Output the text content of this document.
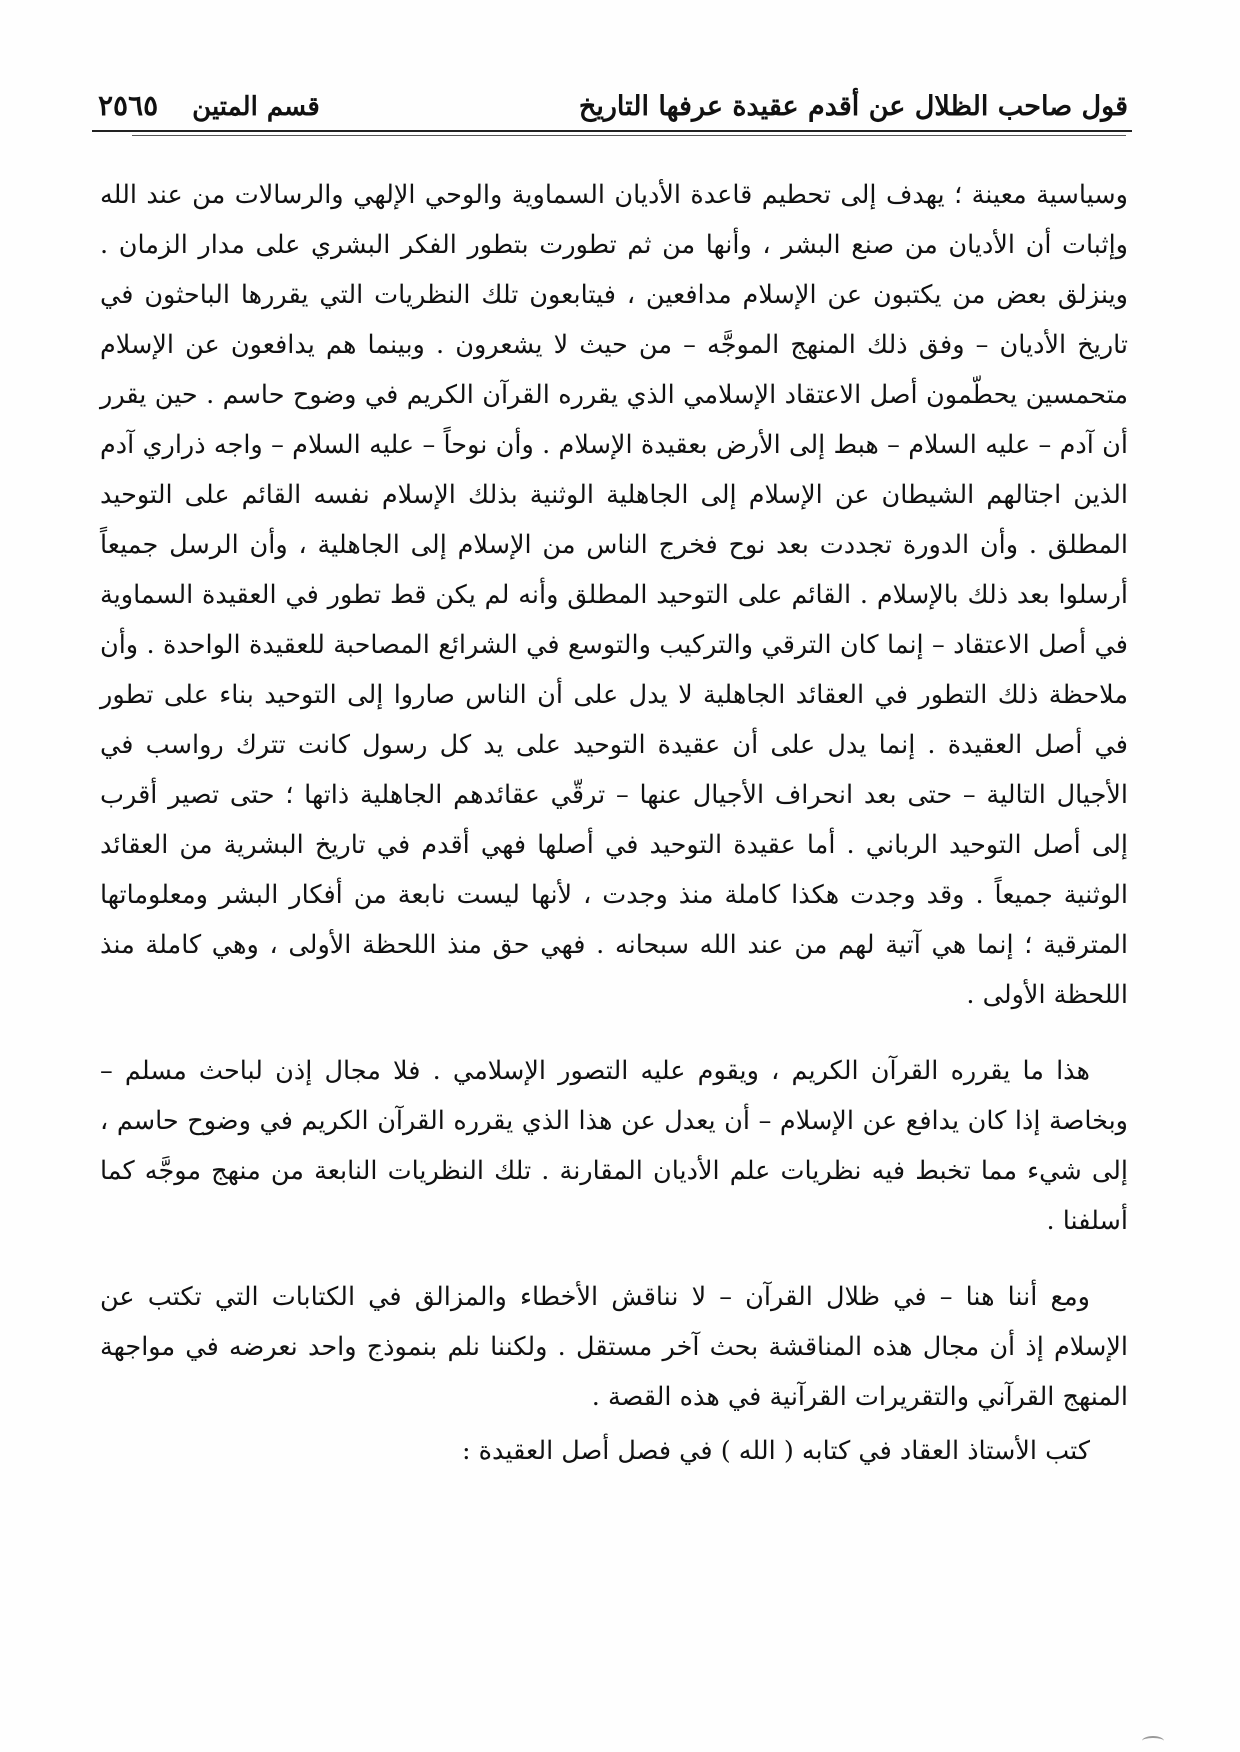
قول صاحب الظلال عن أقدم عقيدة عرفها التاريخ
قسم المتين
٢٥٦٥

وسياسية معينة ؛ يهدف إلى تحطيم قاعدة الأديان السماوية والوحي الإلهي والرسالات من عند الله وإثبات أن الأديان من صنع البشر ، وأنها من ثم تطورت بتطور الفكر البشري على مدار الزمان . وينزلق بعض من يكتبون عن الإسلام مدافعين ، فيتابعون تلك النظريات التي يقررها الباحثون في تاريخ الأديان – وفق ذلك المنهج الموجَّه – من حيث لا يشعرون . وبينما هم يدافعون عن الإسلام متحمسين يحطّمون أصل الاعتقاد الإسلامي الذي يقرره القرآن الكريم في وضوح حاسم . حين يقرر أن آدم – عليه السلام – هبط إلى الأرض بعقيدة الإسلام . وأن نوحاً – عليه السلام – واجه ذراري آدم الذين اجتالهم الشيطان عن الإسلام إلى الجاهلية الوثنية بذلك الإسلام نفسه القائم على التوحيد المطلق . وأن الدورة تجددت بعد نوح فخرج الناس من الإسلام إلى الجاهلية ، وأن الرسل جميعاً أرسلوا بعد ذلك بالإسلام . القائم على التوحيد المطلق وأنه لم يكن قط تطور في العقيدة السماوية في أصل الاعتقاد – إنما كان الترقي والتركيب والتوسع في الشرائع المصاحبة للعقيدة الواحدة . وأن ملاحظة ذلك التطور في العقائد الجاهلية لا يدل على أن الناس صاروا إلى التوحيد بناء على تطور في أصل العقيدة . إنما يدل على أن عقيدة التوحيد على يد كل رسول كانت تترك رواسب في الأجيال التالية – حتى بعد انحراف الأجيال عنها – ترقّي عقائدهم الجاهلية ذاتها ؛ حتى تصير أقرب إلى أصل التوحيد الرباني . أما عقيدة التوحيد في أصلها فهي أقدم في تاريخ البشرية من العقائد الوثنية جميعاً . وقد وجدت هكذا كاملة منذ وجدت ، لأنها ليست نابعة من أفكار البشر ومعلوماتها المترقية ؛ إنما هي آتية لهم من عند الله سبحانه . فهي حق منذ اللحظة الأولى ، وهي كاملة منذ اللحظة الأولى .

هذا ما يقرره القرآن الكريم ، ويقوم عليه التصور الإسلامي . فلا مجال إذن لباحث مسلم – وبخاصة إذا كان يدافع عن الإسلام – أن يعدل عن هذا الذي يقرره القرآن الكريم في وضوح حاسم ، إلى شيء مما تخبط فيه نظريات علم الأديان المقارنة . تلك النظريات النابعة من منهج موجَّه كما أسلفنا .

ومع أننا هنا – في ظلال القرآن – لا نناقش الأخطاء والمزالق في الكتابات التي تكتب عن الإسلام إذ أن مجال هذه المناقشة بحث آخر مستقل . ولكننا نلم بنموذج واحد نعرضه في مواجهة المنهج القرآني والتقريرات القرآنية في هذه القصة .

كتب الأستاذ العقاد في كتابه ( الله ) في فصل أصل العقيدة :
